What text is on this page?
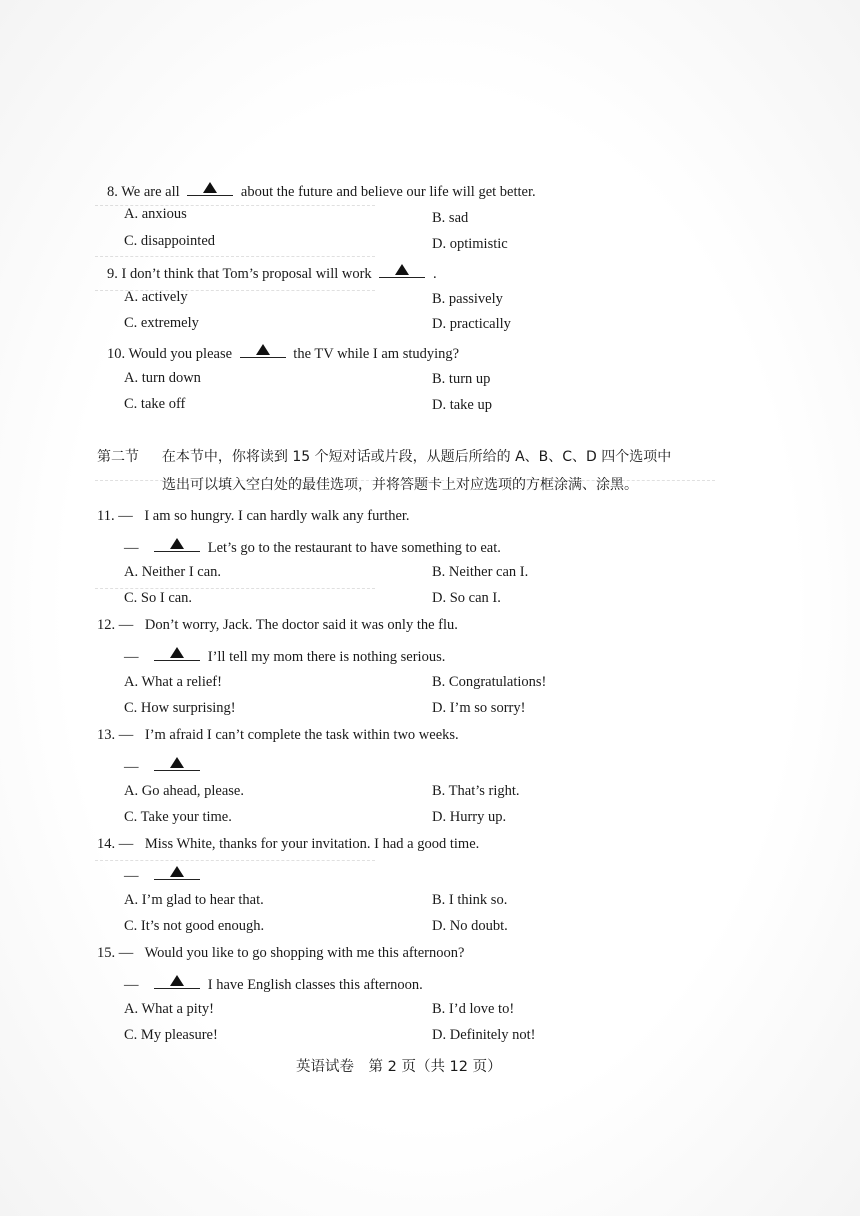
8. We are all	about the future and believe our life will get better.
A. anxious	B. sad
C. disappointed	D. optimistic
9. I don’t think that Tom’s proposal will work	.
A. actively	B. passively
C. extremely	D. practically
10. Would you please	the TV while I am studying?
A. turn down	B. turn up
C. take off	D. take up
第二节 在本节中，你将读到 15 个短对话或片段，从题后所给的 A、B、C、D 四个选项中
选出可以填入空白处的最佳选项，并将答题卡上对应选项的方框涂满、涂黑。
11. — I am so hungry. I can hardly walk any further.
—	Let’s go to the restaurant to have something to eat.
A. Neither I can.	B. Neither can I.
C. So I can.	D. So can I.
12. — Don’t worry, Jack. The doctor said it was only the flu.
—	I’ll tell my mom there is nothing serious.
A. What a relief!	B. Congratulations!
C. How surprising!	D. I’m so sorry!
13. — I’m afraid I can’t complete the task within two weeks.
—
A. Go ahead, please.	B. That’s right.
C. Take your time.	D. Hurry up.
14. — Miss White, thanks for your invitation. I had a good time.
—
A. I’m glad to hear that.	B. I think so.
C. It’s not good enough.	D. No doubt.
15. — Would you like to go shopping with me this afternoon?
—	I have English classes this afternoon.
A. What a pity!	B. I’d love to!
C. My pleasure!	D. Definitely not!
英语试卷　第 2 页（共 12 页）
